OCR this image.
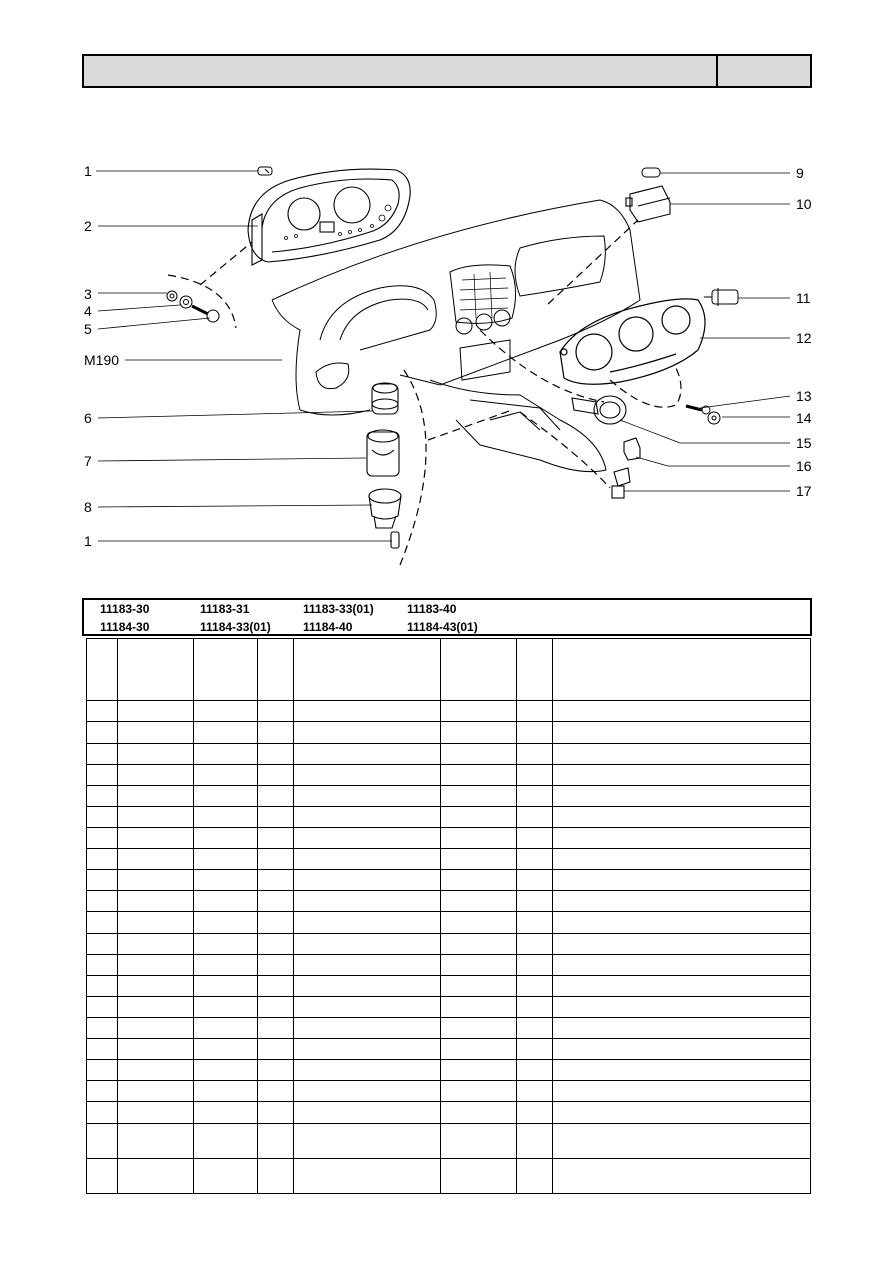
1
2
3
4
5
M190
6
7
8
1
9
10
11
12
13
14
15
16
17
11183-30	11183-31	11183-33(01)	11183-40
11184-30	11184-33(01)	11184-40	11184-43(01)
